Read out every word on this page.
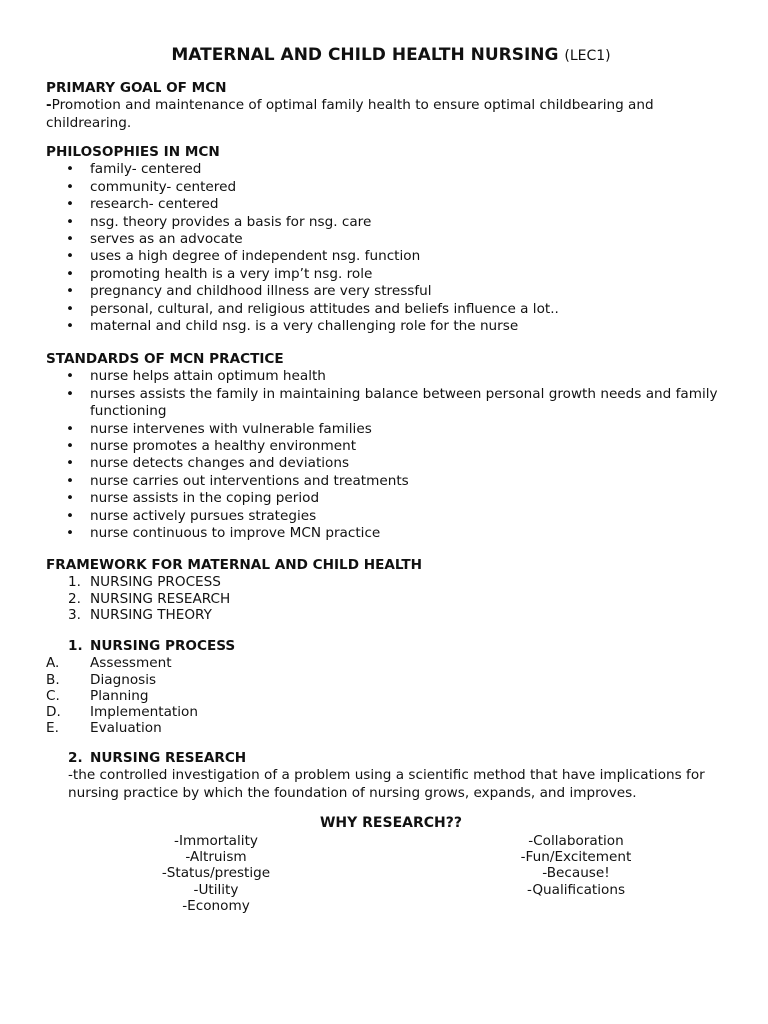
MATERNAL AND CHILD HEALTH NURSING (LEC1)
PRIMARY GOAL OF MCN

-Promotion and maintenance of optimal family health to ensure optimal childbearing and childrearing.

PHILOSOPHIES IN MCN
• family- centered
• community- centered
• research- centered
• nsg. theory provides a basis for nsg. care
• serves as an advocate
• uses a high degree of independent nsg. function
• promoting health is a very imp’t nsg. role
• pregnancy and childhood illness are very stressful
• personal, cultural, and religious attitudes and beliefs influence a lot..
• maternal and child nsg. is a very challenging role for the nurse
STANDARDS OF MCN PRACTICE
• nurse helps attain optimum health
• nurses assists the family in maintaining balance between personal growth needs and family functioning
• nurse intervenes with vulnerable families
• nurse promotes a healthy environment
• nurse detects changes and deviations
• nurse carries out interventions and treatments
• nurse assists in the coping period
• nurse actively pursues strategies
• nurse continuous to improve MCN practice
FRAMEWORK FOR MATERNAL AND CHILD HEALTH
1. NURSING PROCESS
2. NURSING RESEARCH
3. NURSING THEORY
1. NURSING PROCESS
A. Assessment
B. Diagnosis
C. Planning
D. Implementation
E. Evaluation
2. NURSING RESEARCH

-the controlled investigation of a problem using a scientific method that have implications for nursing practice by which the foundation of nursing grows, expands, and improves.

WHY RESEARCH??
-Immortality
-Altruism
-Status/prestige
-Utility
-Economy
-Collaboration
-Fun/Excitement
-Because!
-Qualifications
